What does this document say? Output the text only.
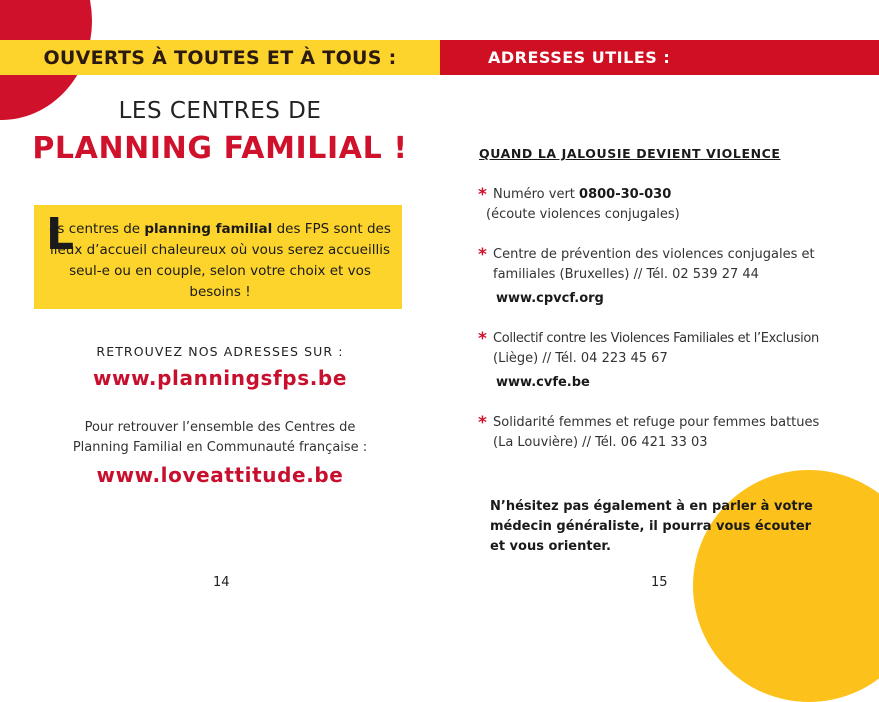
OUVERTS À TOUTES ET À TOUS :
LES CENTRES DE
PLANNING FAMILIAL !
L
es centres de planning familial des FPS sont des lieux d’accueil chaleureux où vous serez accueillis seul-e ou en couple, selon votre choix et vos besoins !
RETROUVEZ NOS ADRESSES SUR :
www.planningsfps.be
Pour retrouver l’ensemble des Centres de
Planning Familial en Communauté française :
www.loveattitude.be
14
ADRESSES UTILES :
QUAND LA JALOUSIE DEVIENT VIOLENCE
* Numéro vert 0800-30-030
(écoute violences conjugales)
* Centre de prévention des violences conjugales et
familiales (Bruxelles) // Tél. 02 539 27 44
www.cpvcf.org
* Collectif contre les Violences Familiales et l’Exclusion
(Liège) // Tél. 04 223 45 67
www.cvfe.be
* Solidarité femmes et refuge pour femmes battues
(La Louvière) // Tél. 06 421 33 03
N’hésitez pas également à en parler à votre
médecin généraliste, il pourra vous écouter
et vous orienter.
15
